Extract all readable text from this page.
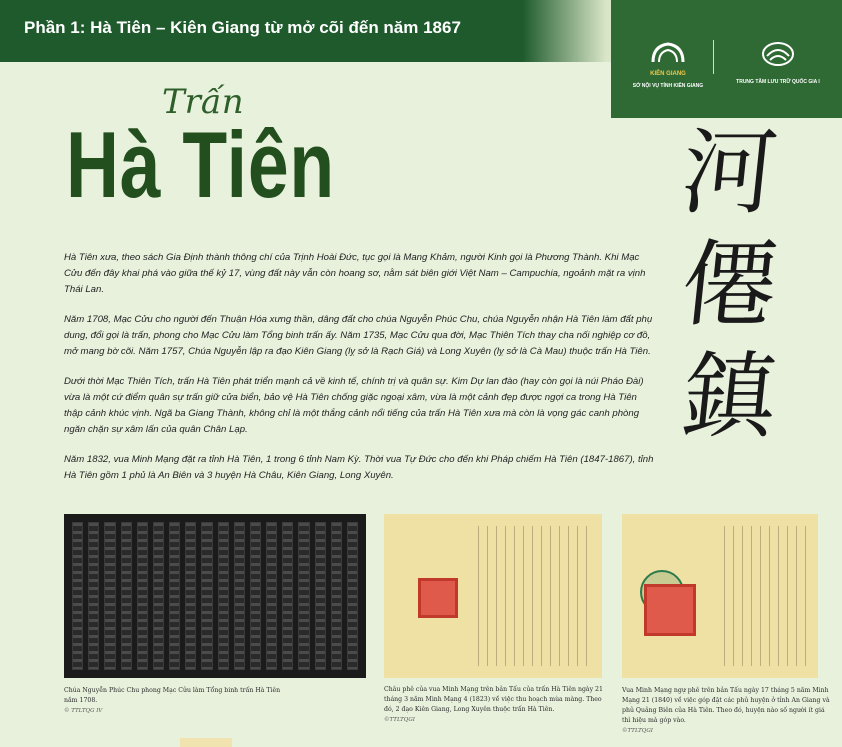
Phần 1: Hà Tiên – Kiên Giang từ mở cõi đến năm 1867
KIÊN GIANG
SỞ NỘI VỤ TỈNH KIÊN GIANG
TRUNG TÂM LƯU TRỮ QUỐC GIA I
Trấn
Hà Tiên	河
僊
鎮

Hà Tiên xưa, theo sách Gia Định thành thông chí của Trịnh Hoài Đức, tục gọi là Mang Khảm, người Kinh gọi là Phương Thành. Khi Mạc Cửu đến đây khai phá vào giữa thế kỷ 17, vùng đất này vẫn còn hoang sơ, nằm sát biên giới Việt Nam – Campuchia, ngoảnh mặt ra vịnh Thái Lan.

Năm 1708, Mạc Cửu cho người đến Thuận Hóa xưng thần, dâng đất cho chúa Nguyễn Phúc Chu, chúa Nguyễn nhận Hà Tiên làm đất phụ dung, đổi gọi là trấn, phong cho Mạc Cửu làm Tổng binh trấn ấy. Năm 1735, Mạc Cửu qua đời, Mạc Thiên Tích thay cha nối nghiệp cơ đồ, mở mang bờ cõi. Năm 1757, Chúa Nguyễn lập ra đạo Kiên Giang (lỵ sở là Rạch Giá) và Long Xuyên (lỵ sở là Cà Mau) thuộc trấn Hà Tiên.

Dưới thời Mạc Thiên Tích, trấn Hà Tiên phát triển mạnh cả về kinh tế, chính trị và quân sự. Kim Dự lan đào (hay còn gọi là núi Pháo Đài) vừa là một cứ điểm quân sự trấn giữ cửa biển, bảo vệ Hà Tiên chống giặc ngoại xâm, vừa là một cảnh đẹp được ngợi ca trong Hà Tiên thập cảnh khúc vịnh. Ngã ba Giang Thành, không chỉ là một thắng cảnh nổi tiếng của trấn Hà Tiên xưa mà còn là vọng gác canh phòng ngăn chặn sự xâm lấn của quân Chân Lạp.

Năm 1832, vua Minh Mạng đặt ra tỉnh Hà Tiên, 1 trong 6 tỉnh Nam Kỳ. Thời vua Tự Đức cho đến khi Pháp chiếm Hà Tiên (1847-1867), tỉnh Hà Tiên gồm 1 phủ là An Biên và 3 huyện Hà Châu, Kiên Giang, Long Xuyên.

Chúa Nguyễn Phúc Chu phong Mạc Cửu làm Tổng binh trấn Hà Tiên năm 1708.
© TTLTQG IV
Châu phê của vua Minh Mạng trên bản Tấu của trấn Hà Tiên ngày 21 tháng 3 năm Minh Mạng 4 (1823) về việc thu hoạch mùa màng. Theo đó, 2 đạo Kiên Giang, Long Xuyên thuộc trấn Hà Tiên.
©TTLTQGI
Vua Minh Mạng ngự phê trên bản Tấu ngày 17 tháng 5 năm Minh Mạng 21 (1840) về việc góp đặt các phủ huyện ở tỉnh An Giang và phủ Quảng Biên của Hà Tiên. Theo đó, huyện nào số người ít giá thì hiệu mà góp vào.
©TTLTQGI
